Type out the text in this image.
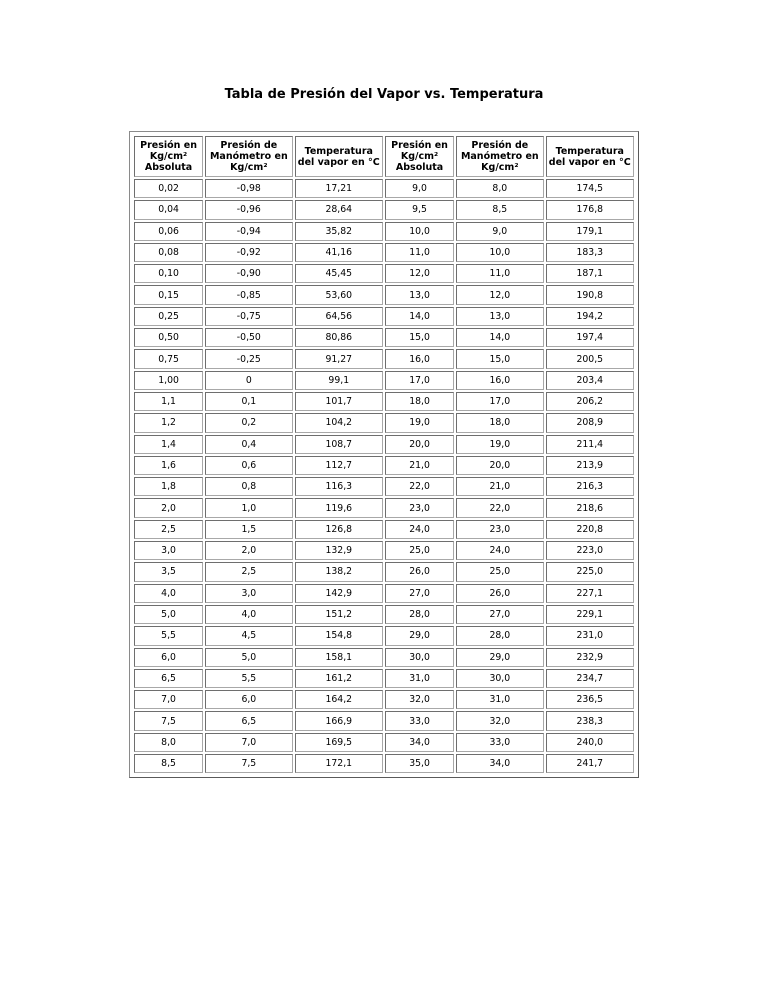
Tabla de Presión del Vapor vs. Temperatura
Presión en Kg/cm² Absoluta	Presión de Manómetro en Kg/cm²	Temperatura del vapor en °C	Presión en Kg/cm² Absoluta	Presión de Manómetro en Kg/cm²	Temperatura del vapor en °C
0,02	-0,98	17,21	9,0	8,0	174,5
0,04	-0,96	28,64	9,5	8,5	176,8
0,06	-0,94	35,82	10,0	9,0	179,1
0,08	-0,92	41,16	11,0	10,0	183,3
0,10	-0,90	45,45	12,0	11,0	187,1
0,15	-0,85	53,60	13,0	12,0	190,8
0,25	-0,75	64,56	14,0	13,0	194,2
0,50	-0,50	80,86	15,0	14,0	197,4
0,75	-0,25	91,27	16,0	15,0	200,5
1,00	0	99,1	17,0	16,0	203,4
1,1	0,1	101,7	18,0	17,0	206,2
1,2	0,2	104,2	19,0	18,0	208,9
1,4	0,4	108,7	20,0	19,0	211,4
1,6	0,6	112,7	21,0	20,0	213,9
1,8	0,8	116,3	22,0	21,0	216,3
2,0	1,0	119,6	23,0	22,0	218,6
2,5	1,5	126,8	24,0	23,0	220,8
3,0	2,0	132,9	25,0	24,0	223,0
3,5	2,5	138,2	26,0	25,0	225,0
4,0	3,0	142,9	27,0	26,0	227,1
5,0	4,0	151,2	28,0	27,0	229,1
5,5	4,5	154,8	29,0	28,0	231,0
6,0	5,0	158,1	30,0	29,0	232,9
6,5	5,5	161,2	31,0	30,0	234,7
7,0	6,0	164,2	32,0	31,0	236,5
7,5	6,5	166,9	33,0	32,0	238,3
8,0	7,0	169,5	34,0	33,0	240,0
8,5	7,5	172,1	35,0	34,0	241,7
